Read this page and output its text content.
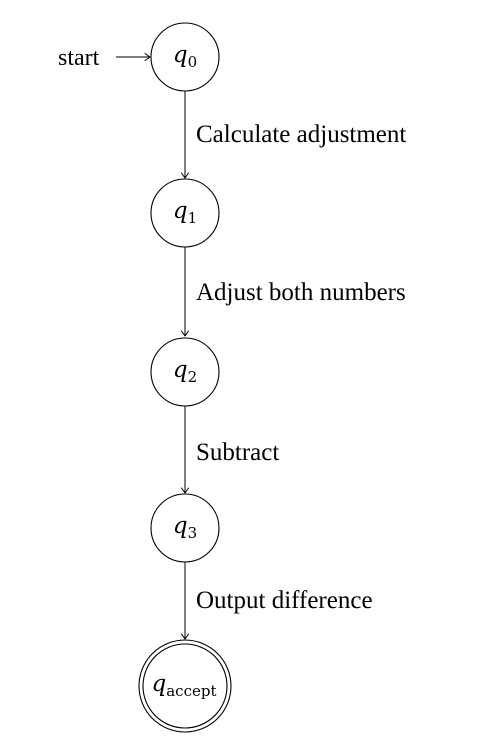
start	q0
Calculate adjustment
q1
Adjust both numbers
q2
Subtract
q3
Output difference
qaccept
